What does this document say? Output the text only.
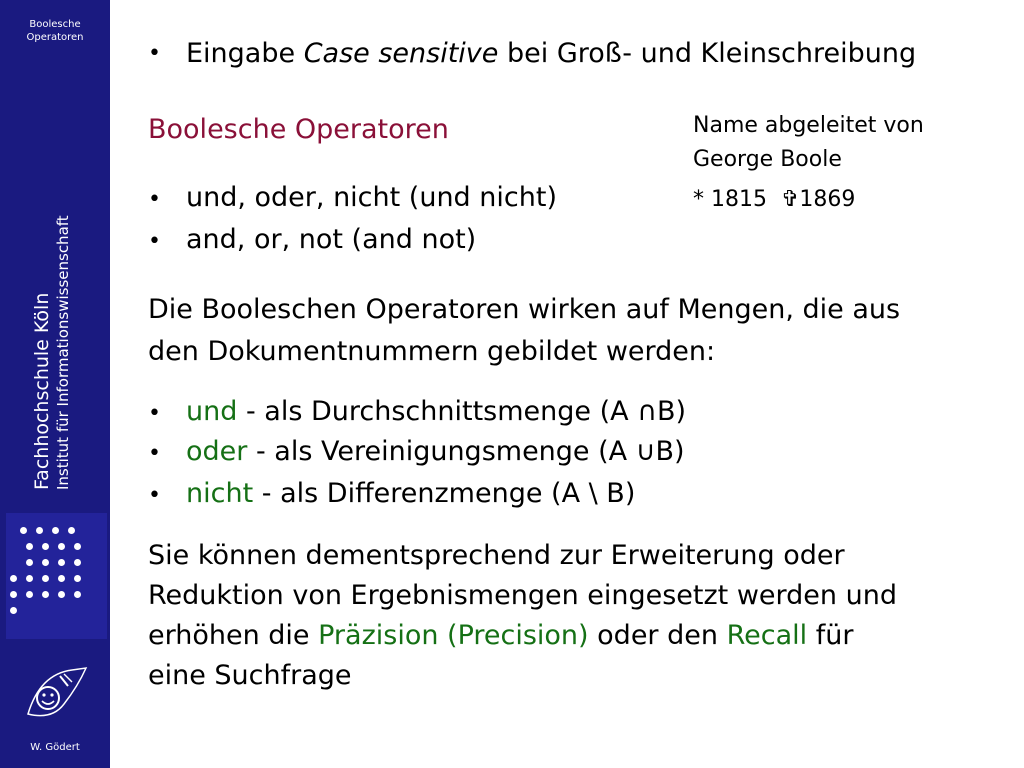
Boolesche
Operatoren
Fachhochschule Köln Institut für Informationswissenschaft
W. Gödert
• Eingabe Case sensitive bei Groß- und Kleinschreibung
Boolesche Operatoren	Name abgeleitet von
George Boole
* 1815 ✞1869
• und, oder, nicht (und nicht)
• and, or, not (and not)
Die Booleschen Operatoren wirken auf Mengen, die aus
den Dokumentnummern gebildet werden:
• und - als Durchschnittsmenge (A ∩B)
• oder - als Vereinigungsmenge (A ∪B)
• nicht - als Differenzmenge (A \ B)
Sie können dementsprechend zur Erweiterung oder
Reduktion von Ergebnismengen eingesetzt werden und
erhöhen die Präzision (Precision) oder den Recall für
eine Suchfrage
